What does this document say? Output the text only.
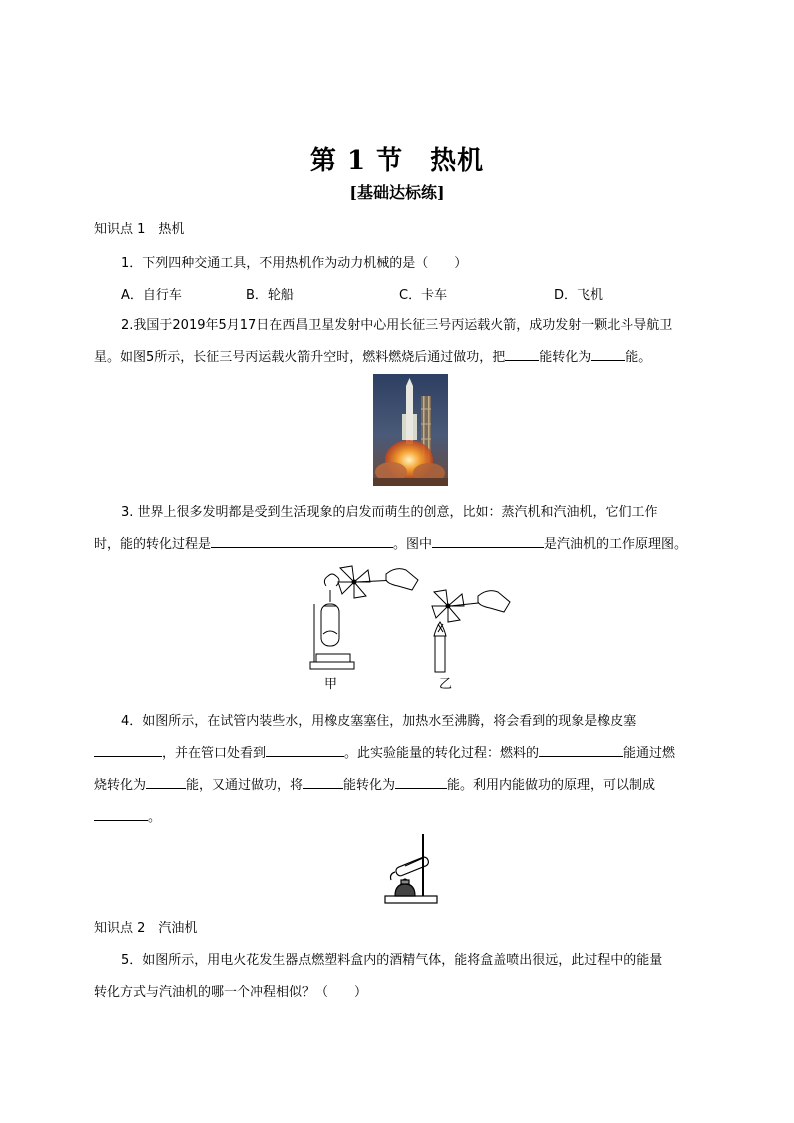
第 1 节　热机
[基础达标练]
知识点 1　热机
1．下列四种交通工具，不用热机作为动力机械的是（　　）
A．自行车	B．轮船	C．卡车	D．飞机
2.我国于2019年5月17日在西昌卫星发射中心用长征三号丙运载火箭，成功发射一颗北斗导航卫
星。如图5所示，长征三号丙运载火箭升空时，燃料燃烧后通过做功，把	能转化为	能。
3. 世界上很多发明都是受到生活现象的启发而萌生的创意，比如：蒸汽机和汽油机，它们工作
时，能的转化过程是	。图中	是汽油机的工作原理图。
甲	乙
4．如图所示，在试管内装些水，用橡皮塞塞住，加热水至沸腾，将会看到的现象是橡皮塞
，并在管口处看到	。此实验能量的转化过程：燃料的	能通过燃
烧转化为	能，又通过做功，将	能转化为	能。利用内能做功的原理，可以制成
。
知识点 2　汽油机
5．如图所示，用电火花发生器点燃塑料盒内的酒精气体，能将盒盖喷出很远，此过程中的能量
转化方式与汽油机的哪一个冲程相似？（　　）
